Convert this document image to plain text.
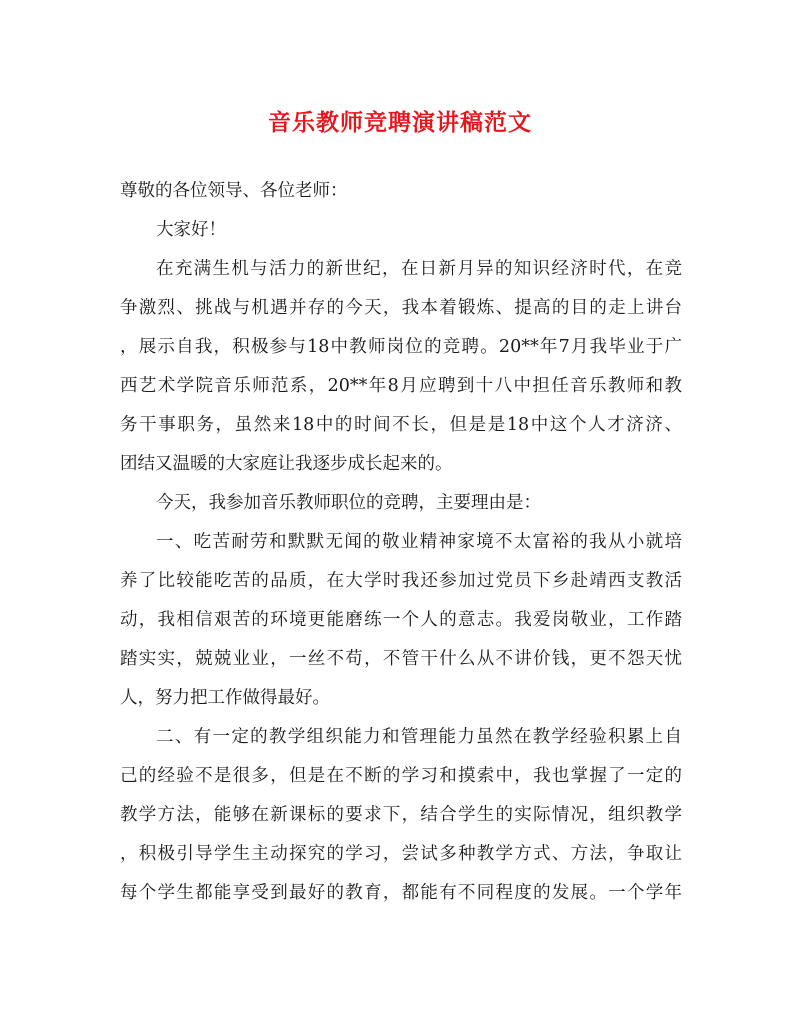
音乐教师竞聘演讲稿范文
尊敬的各位领导、各位老师：
大家好！
在充满生机与活力的新世纪，在日新月异的知识经济时代，在竞
争激烈、挑战与机遇并存的今天，我本着锻炼、提高的目的走上讲台
，展示自我，积极参与18中教师岗位的竞聘。20**年7月我毕业于广
西艺术学院音乐师范系，20**年8月应聘到十八中担任音乐教师和教
务干事职务，虽然来18中的时间不长，但是是18中这个人才济济、
团结又温暖的大家庭让我逐步成长起来的。
今天，我参加音乐教师职位的竞聘，主要理由是：
一、吃苦耐劳和默默无闻的敬业精神家境不太富裕的我从小就培
养了比较能吃苦的品质，在大学时我还参加过党员下乡赴靖西支教活
动，我相信艰苦的环境更能磨练一个人的意志。我爱岗敬业，工作踏
踏实实，兢兢业业，一丝不苟，不管干什么从不讲价钱，更不怨天忧
人，努力把工作做得最好。
二、有一定的教学组织能力和管理能力虽然在教学经验积累上自
己的经验不是很多，但是在不断的学习和摸索中，我也掌握了一定的
教学方法，能够在新课标的要求下，结合学生的实际情况，组织教学
，积极引导学生主动探究的学习，尝试多种教学方式、方法，争取让
每个学生都能享受到最好的教育，都能有不同程度的发展。一个学年
